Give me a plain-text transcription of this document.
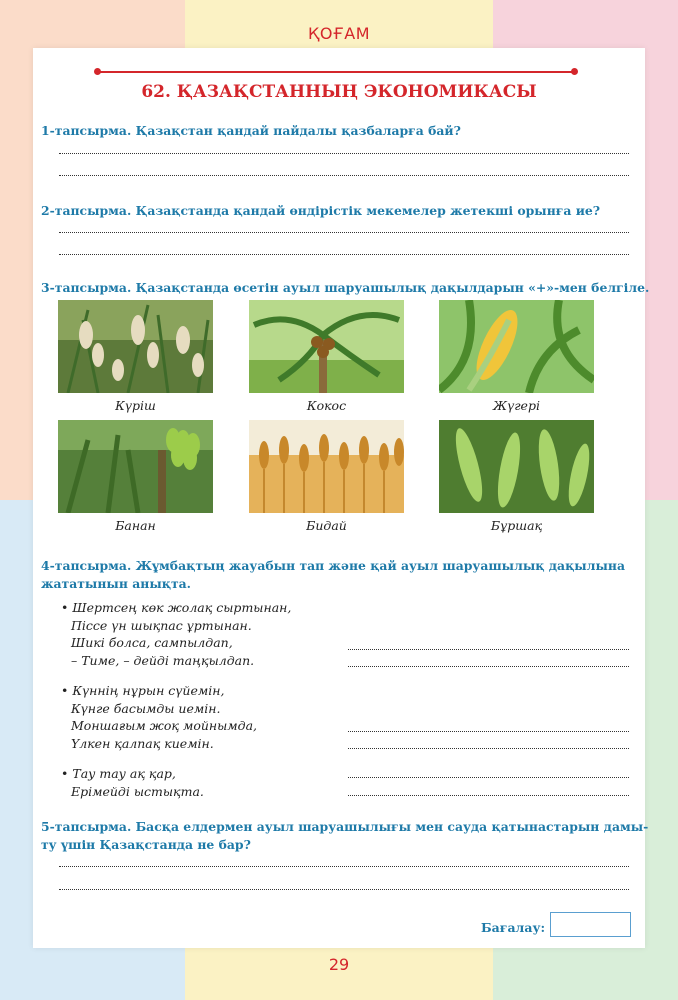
ҚОҒАМ
62. ҚАЗАҚСТАННЫҢ ЭКОНОМИКАСЫ
1-тапсырма. Қазақстан қандай пайдалы қазбаларға бай?
2-тапсырма. Қазақстанда қандай өндірістік мекемелер жетекші орынға ие?
3-тапсырма. Қазақстанда өсетін ауыл шаруашылық дақылдарын «+»-мен белгіле.
Күріш	Кокос	Жүгері
Банан	Бидай	Бұршақ
4-тапсырма. Жұмбақтың жауабын тап және қай ауыл шаруашылық дақылына
жататынын анықта.
• Шертсең көк жолақ сыртынан,
Піссе үн шықпас ұртынан.
Шикі болса, сампылдап,
– Тиме, – дейді таңқылдап.
• Күннің нұрын сүйемін,
Күнге басымды иемін.
Моншағым жоқ мойнымда,
Үлкен қалпақ киемін.
• Тау тау ақ қар,
Ерімейді ыстықта.
5-тапсырма. Басқа елдермен ауыл шаруашылығы мен сауда қатынастарын дамы-
ту үшін Қазақстанда не бар?
Бағалау:
29
